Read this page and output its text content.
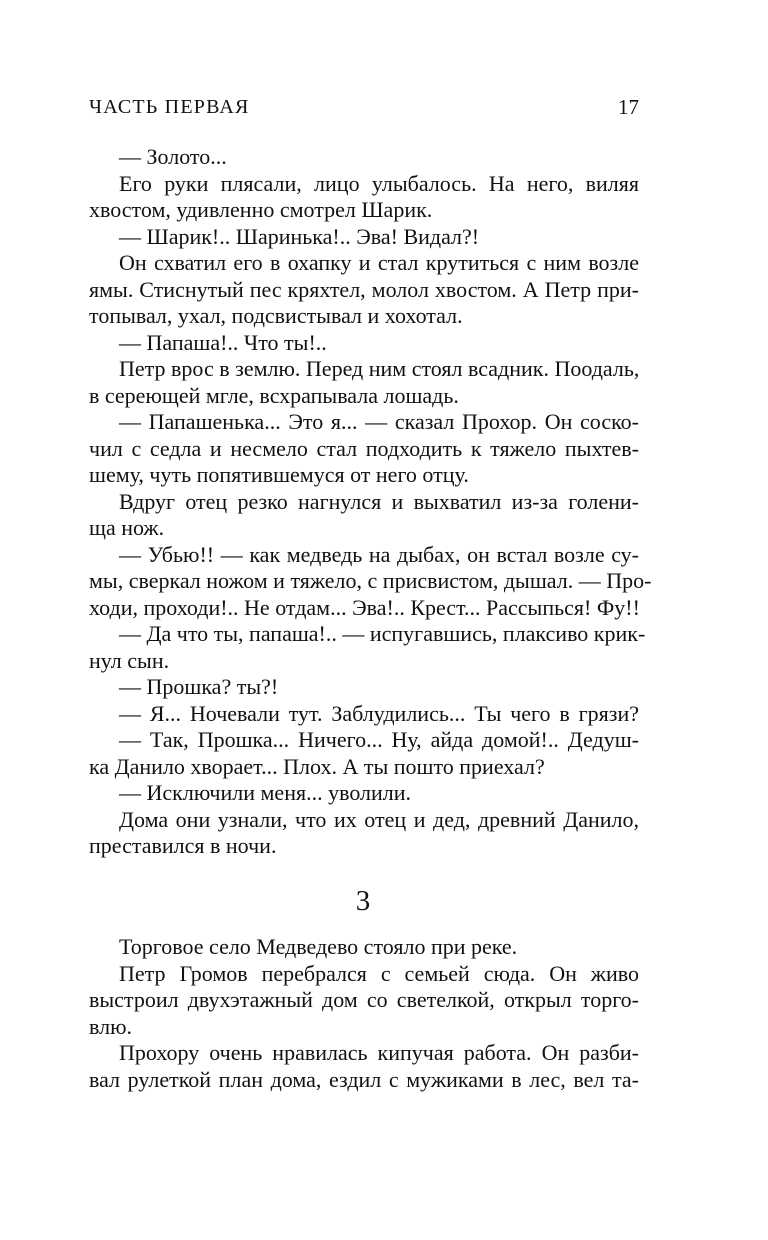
ЧАСТЬ ПЕРВАЯ	17
— Золото...
Его руки плясали, лицо улыбалось. На него, виляя
хвостом, удивленно смотрел Шарик.
— Шарик!.. Шаринька!.. Эва! Видал?!
Он схватил его в охапку и стал крутиться с ним возле
ямы. Стиснутый пес кряхтел, молол хвостом. А Петр при-
топывал, ухал, подсвистывал и хохотал.
— Папаша!.. Что ты!..
Петр врос в землю. Перед ним стоял всадник. Поодаль,
в сереющей мгле, всхрапывала лошадь.
— Папашенька... Это я... — сказал Прохор. Он соско-
чил с седла и несмело стал подходить к тяжело пыхтев-
шему, чуть попятившемуся от него отцу.
Вдруг отец резко нагнулся и выхватил из-за голени-
ща нож.
— Убью!! — как медведь на дыбах, он встал возле су-
мы, сверкал ножом и тяжело, с присвистом, дышал. — Про-
ходи, проходи!.. Не отдам... Эва!.. Крест... Рассыпься! Фу!!
— Да что ты, папаша!.. — испугавшись, плаксиво крик-
нул сын.
— Прошка? ты?!
— Я... Ночевали тут. Заблудились... Ты чего в грязи?
— Так, Прошка... Ничего... Ну, айда домой!.. Дедуш-
ка Данило хворает... Плох. А ты пошто приехал?
— Исключили меня... уволили.
Дома они узнали, что их отец и дед, древний Данило,
преставился в ночи.
3
Торговое село Медведево стояло при реке.
Петр Громов перебрался с семьей сюда. Он живо
выстроил двухэтажный дом со светелкой, открыл торго-
влю.
Прохору очень нравилась кипучая работа. Он разби-
вал рулеткой план дома, ездил с мужиками в лес, вел та-
